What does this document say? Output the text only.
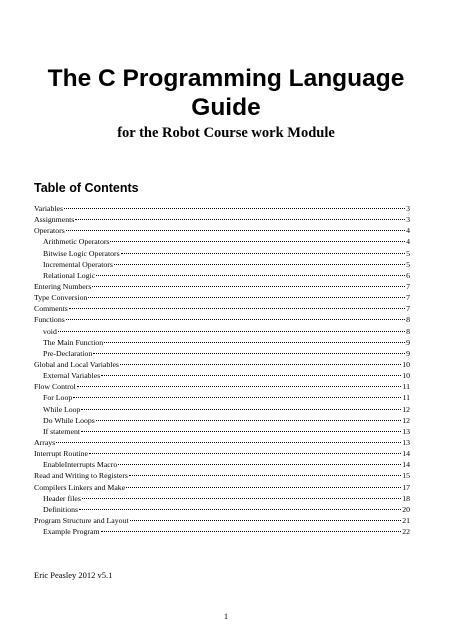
The C Programming Language
Guide
for the Robot Course work Module
Table of Contents
Variables	3
Assignments	3
Operators	4
Arithmetic Operators	4
Bitwise Logic Operators	5
Incremental Operators	5
Relational Logic	6
Entering Numbers	7
Type Conversion	7
Comments	7
Functions	8
void	8
The Main Function	9
Pre-Declaration	9
Global and Local Variables	10
External Variables	10
Flow Control	11
For Loop	11
While Loop	12
Do While Loops	12
If statement	13
Arrays	13
Interrupt Routine	14
EnableInterrupts Macro	14
Read and Writing to Registers	15
Compilers Linkers and Make	17
Header files	18
Definitions	20
Program Structure and Layout	21
Example Program	22
Eric Peasley 2012 v5.1
1
